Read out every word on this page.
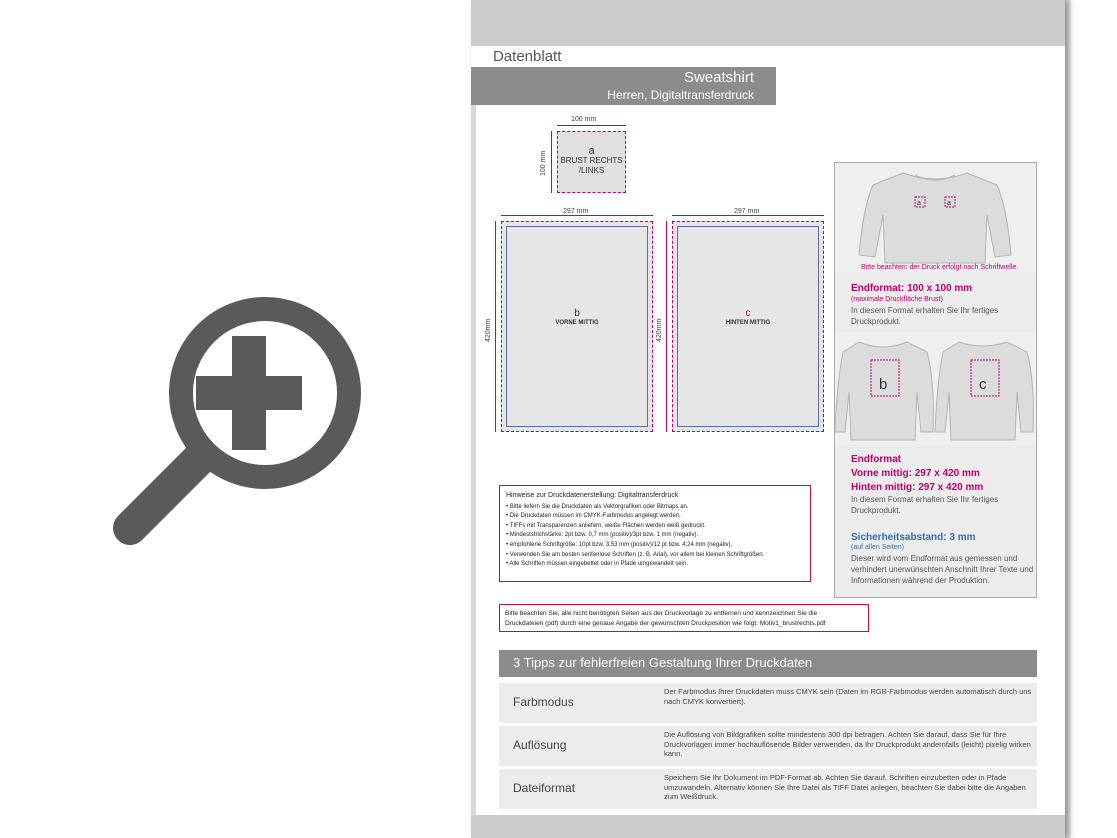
Datenblatt
Sweatshirt
Herren, Digitaltransferdruck
100 mm
100 mm	a
BRUST RECHTS
/LINKS
297 mm
420mm
b
VORNE MITTIG
297 mm
420mm
c
HINTEN MITTIG
a	a
Bitte beachten: der Druck erfolgt nach Schriftwelle.
Endformat: 100 x 100 mm
(maximale Druckfläche Brust)
In diesem Format erhalten Sie Ihr fertiges Druckprodukt.
b	c
Endformat
Vorne mittig: 297 x 420 mm
Hinten mittig: 297 x 420 mm
In diesem Format erhalten Sie Ihr fertiges Druckprodukt.
Sicherheitsabstand: 3 mm
(auf allen Seiten)
Dieser wird vom Endformat aus gemessen und verhindert unerwünschten Anschnitt Ihrer Texte und Informationen während der Produktion.
Hinweise zur Druckdatenerstellung: Digitaltransferdruck
• Bitte liefern Sie die Druckdaten als Vektorgrafiken oder Bitmaps an.
• Die Druckdaten müssen im CMYK-Farbmodus angelegt werden.
• TIFFs mit Transparenzen anliefern, weiße Flächen werden weiß gedruckt.
• Mindeststrichstärke: 2pt bzw. 0,7 mm (positiv)/3pt bzw. 1 mm (negativ).
• empfohlene Schriftgröße: 10pt bzw. 3,53 mm (positiv)/12 pt bzw. 4,24 mm (negativ).
• Verwenden Sie am besten serifenlose Schriften (z. B. Arial), vor allem bei kleinen Schriftgrößen.
• Alle Schriften müssen eingebettet oder in Pfade umgewandelt sein.
Bitte beachten Sie, alle nicht benötigten Seiten aus der Druckvorlage zu entfernen und kennzeichnen Sie die
Druckdateien (pdf) durch eine genaue Angabe der gewünschten Druckposition wie folgt: Motiv1_brustrechts.pdf
3 Tipps zur fehlerfreien Gestaltung Ihrer Druckdaten
Farbmodus
Der Farbmodus Ihrer Druckdaten muss CMYK sein (Daten im RGB-Farbmodus werden automatisch durch uns nach CMYK konvertiert).
Auflösung
Die Auflösung von Bildgrafiken sollte mindestens 300 dpi betragen. Achten Sie darauf, dass Sie für Ihre Druckvorlagen immer hochauflösende Bilder verwenden, da Ihr Druckprodukt andernfalls (leicht) pixelig wirken kann.
Dateiformat
Speichern Sie Ihr Dokument im PDF-Format ab. Achten Sie darauf, Schriften einzubetten oder in Pfade umzuwandeln. Alternativ können Sie Ihre Datei als TIFF Datei anlegen, beachten Sie dabei bitte die Angaben zum Weißdruck.
